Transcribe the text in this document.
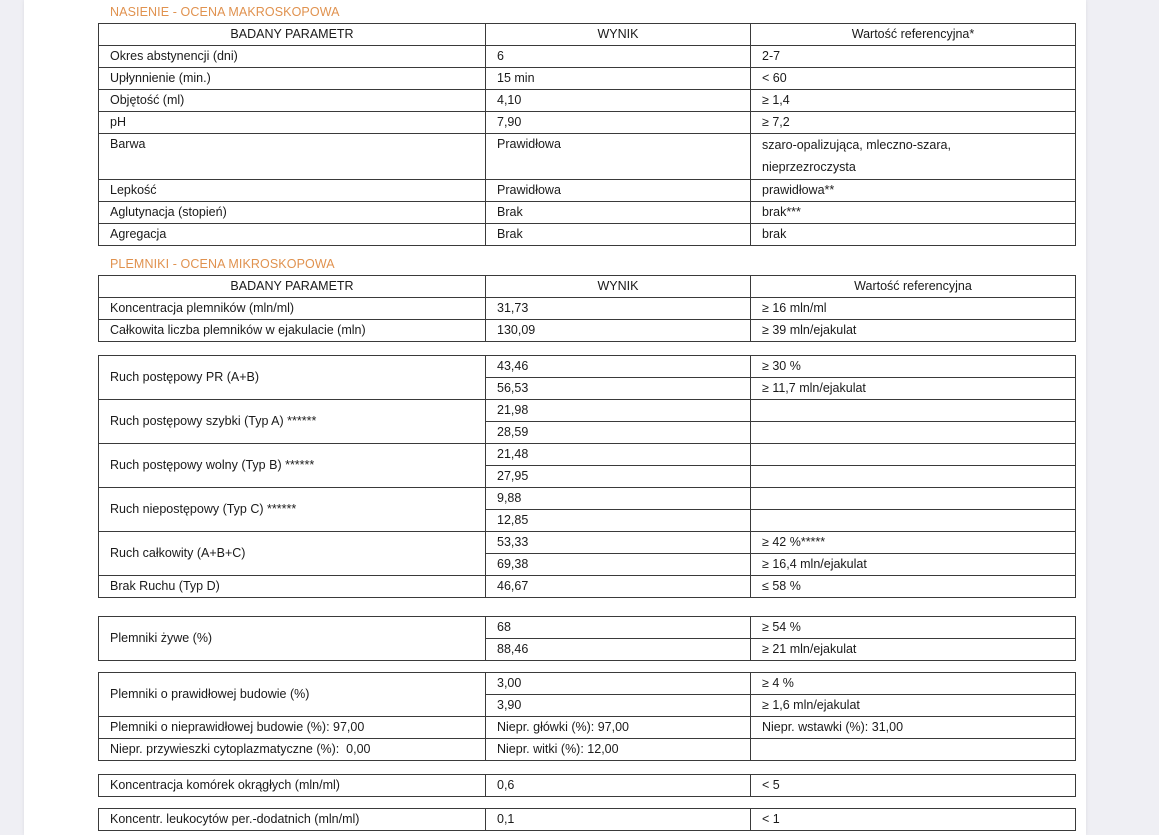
NASIENIE - OCENA MAKROSKOPOWA
BADANY PARAMETR	WYNIK	Wartość referencyjna*
Okres abstynencji (dni)	6	2-7
Upłynnienie (min.)	15 min	< 60
Objętość (ml)	4,10	≥ 1,4
pH	7,90	≥ 7,2
Barwa	Prawidłowa	szaro-opalizująca, mleczno-szara, nieprzezroczysta
Lepkość	Prawidłowa	prawidłowa**
Aglutynacja (stopień)	Brak	brak***
Agregacja	Brak	brak
PLEMNIKI - OCENA MIKROSKOPOWA
BADANY PARAMETR	WYNIK	Wartość referencyjna
Koncentracja plemników (mln/ml)	31,73	≥ 16 mln/ml
Całkowita liczba plemników w ejakulacie (mln)	130,09	≥ 39 mln/ejakulat
Ruch postępowy PR (A+B)	43,46	≥ 30 %
	56,53	≥ 11,7 mln/ejakulat
Ruch postępowy szybki (Typ A) ******	21,98	
	28,59	
Ruch postępowy wolny (Typ B) ******	21,48	
	27,95	
Ruch niepostępowy (Typ C) ******	9,88	
	12,85	
Ruch całkowity (A+B+C)	53,33	≥ 42 %*****
	69,38	≥ 16,4 mln/ejakulat
Brak Ruchu (Typ D)	46,67	≤ 58 %
Plemniki żywe (%)	68	≥ 54 %
	88,46	≥ 21 mln/ejakulat
Plemniki o prawidłowej budowie (%)	3,00	≥ 4 %
	3,90	≥ 1,6 mln/ejakulat
Plemniki o nieprawidłowej budowie (%): 97,00	Niepr. główki (%): 97,00	Niepr. wstawki (%): 31,00
Niepr. przywieszki cytoplazmatyczne (%):  0,00	Niepr. witki (%): 12,00	
Koncentracja komórek okrągłych (mln/ml)	0,6	< 5
Koncentr. leukocytów per.-dodatnich (mln/ml)	0,1	< 1
